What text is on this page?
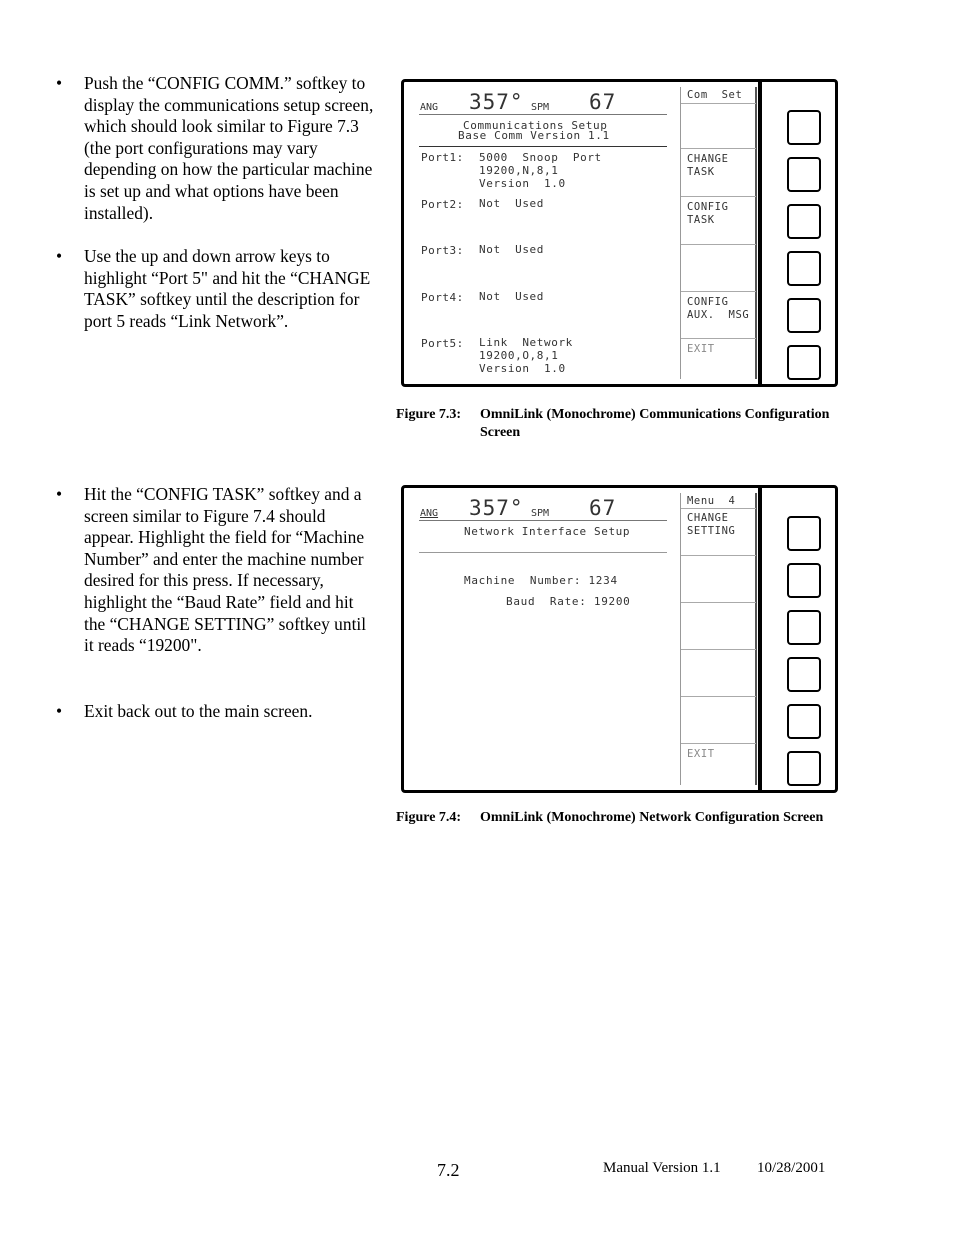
• Push the “CONFIG COMM.” softkey to display the communications setup screen, which should look similar to Figure 7.3 (the port configurations may vary depending on how the particular machine is set up and what options have been installed).
• Use the up and down arrow keys to highlight “Port 5" and hit the “CHANGE TASK” softkey until the description for port 5 reads “Link Network”.
• Hit the “CONFIG TASK” softkey and a screen similar to Figure 7.4 should appear. Highlight the field for “Machine Number” and enter the machine number desired for this press. If necessary, highlight the “Baud Rate” field and hit the “CHANGE SETTING” softkey until it reads “19200".
• Exit back out to the main screen.
ANG 357° SPM 67
Communications Setup
Base Comm Version 1.1
Port1: 5000  Snoop  Port
19200,N,8,1
Version  1.0
Port2: Not  Used
Port3: Not  Used
Port4: Not  Used
Port5: Link  Network
19200,O,8,1
Version  1.0
Com  Set
CHANGE
TASK
CONFIG
TASK
CONFIG
AUX.  MSG
EXIT
Figure 7.3: OmniLink (Monochrome) Communications Configuration Screen
ANG 357° SPM 67
Network Interface Setup
Machine  Number: 1234
Baud  Rate: 19200
Menu  4
CHANGE
SETTING
EXIT
Figure 7.4: OmniLink (Monochrome) Network Configuration Screen
7.2	Manual Version 1.1 10/28/2001
